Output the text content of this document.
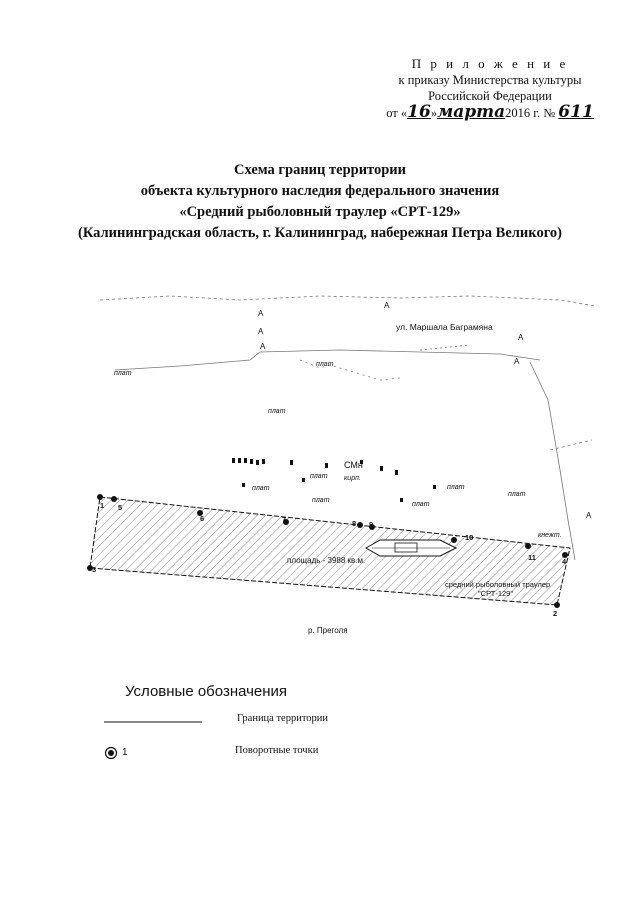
П р и л о ж е н и е
к приказу Министерства культуры
Российской Федерации
от «16»марта2016 г. № 611
Схема границ территории
объекта культурного наследия федерального значения
«Средний рыболовный траулер «СРТ-129»
(Калининградская область, г. Калининград, набережная Петра Великого)
ул. Маршала Баграмяна
площадь - 3988 кв.м.
средний рыболовный траулер
"СРТ-129"
р. Преголя
СМн
кирп.
кнежт.
плат
плат
плат
плат
плат
плат
плат
плат
плат
А
А
А
А
А
А
А
1
2
3
4
5
6	7	8 9
10
11
Условные обозначения
Граница территории
1	Поворотные точки
